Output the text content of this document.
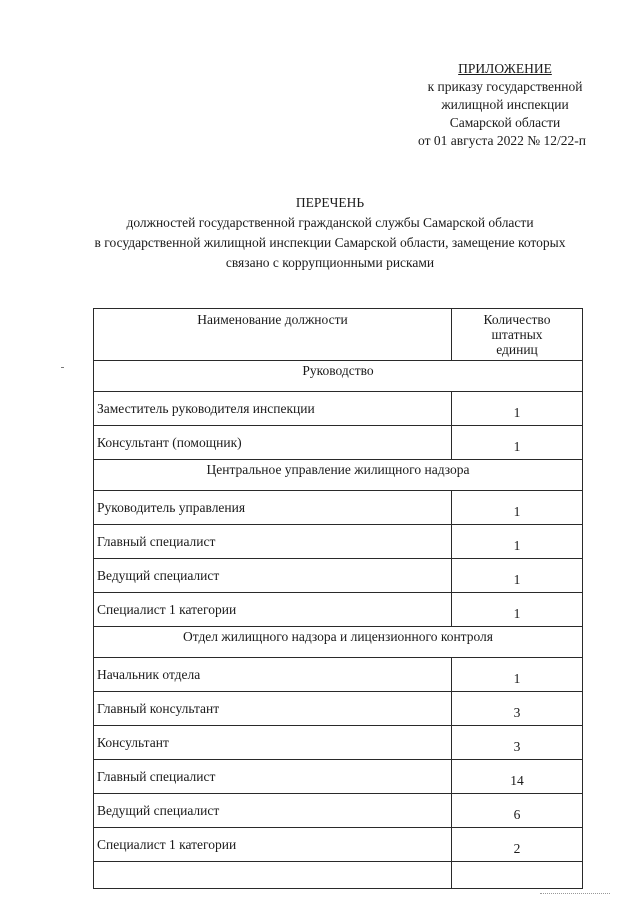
ПРИЛОЖЕНИЕ
к приказу государственной
жилищной инспекции
Самарской области
от 01 августа 2022 № 12/22-п
ПЕРЕЧЕНЬ
должностей государственной гражданской службы Самарской области
в государственной жилищной инспекции Самарской области, замещение которых
связано с коррупционными рисками
Наименование должности	Количество
штатных
единиц

Руководство	
Заместитель руководителя инспекции	1
Консультант (помощник)	1
Центральное управление жилищного надзора	
Руководитель управления	1
Главный специалист	1
Ведущий специалист	1
Специалист 1 категории	1
Отдел жилищного надзора и лицензионного контроля	
Начальник отдела	1
Главный консультант	3
Консультант	3
Главный специалист	14
Ведущий специалист	6
Специалист 1 категории	2
